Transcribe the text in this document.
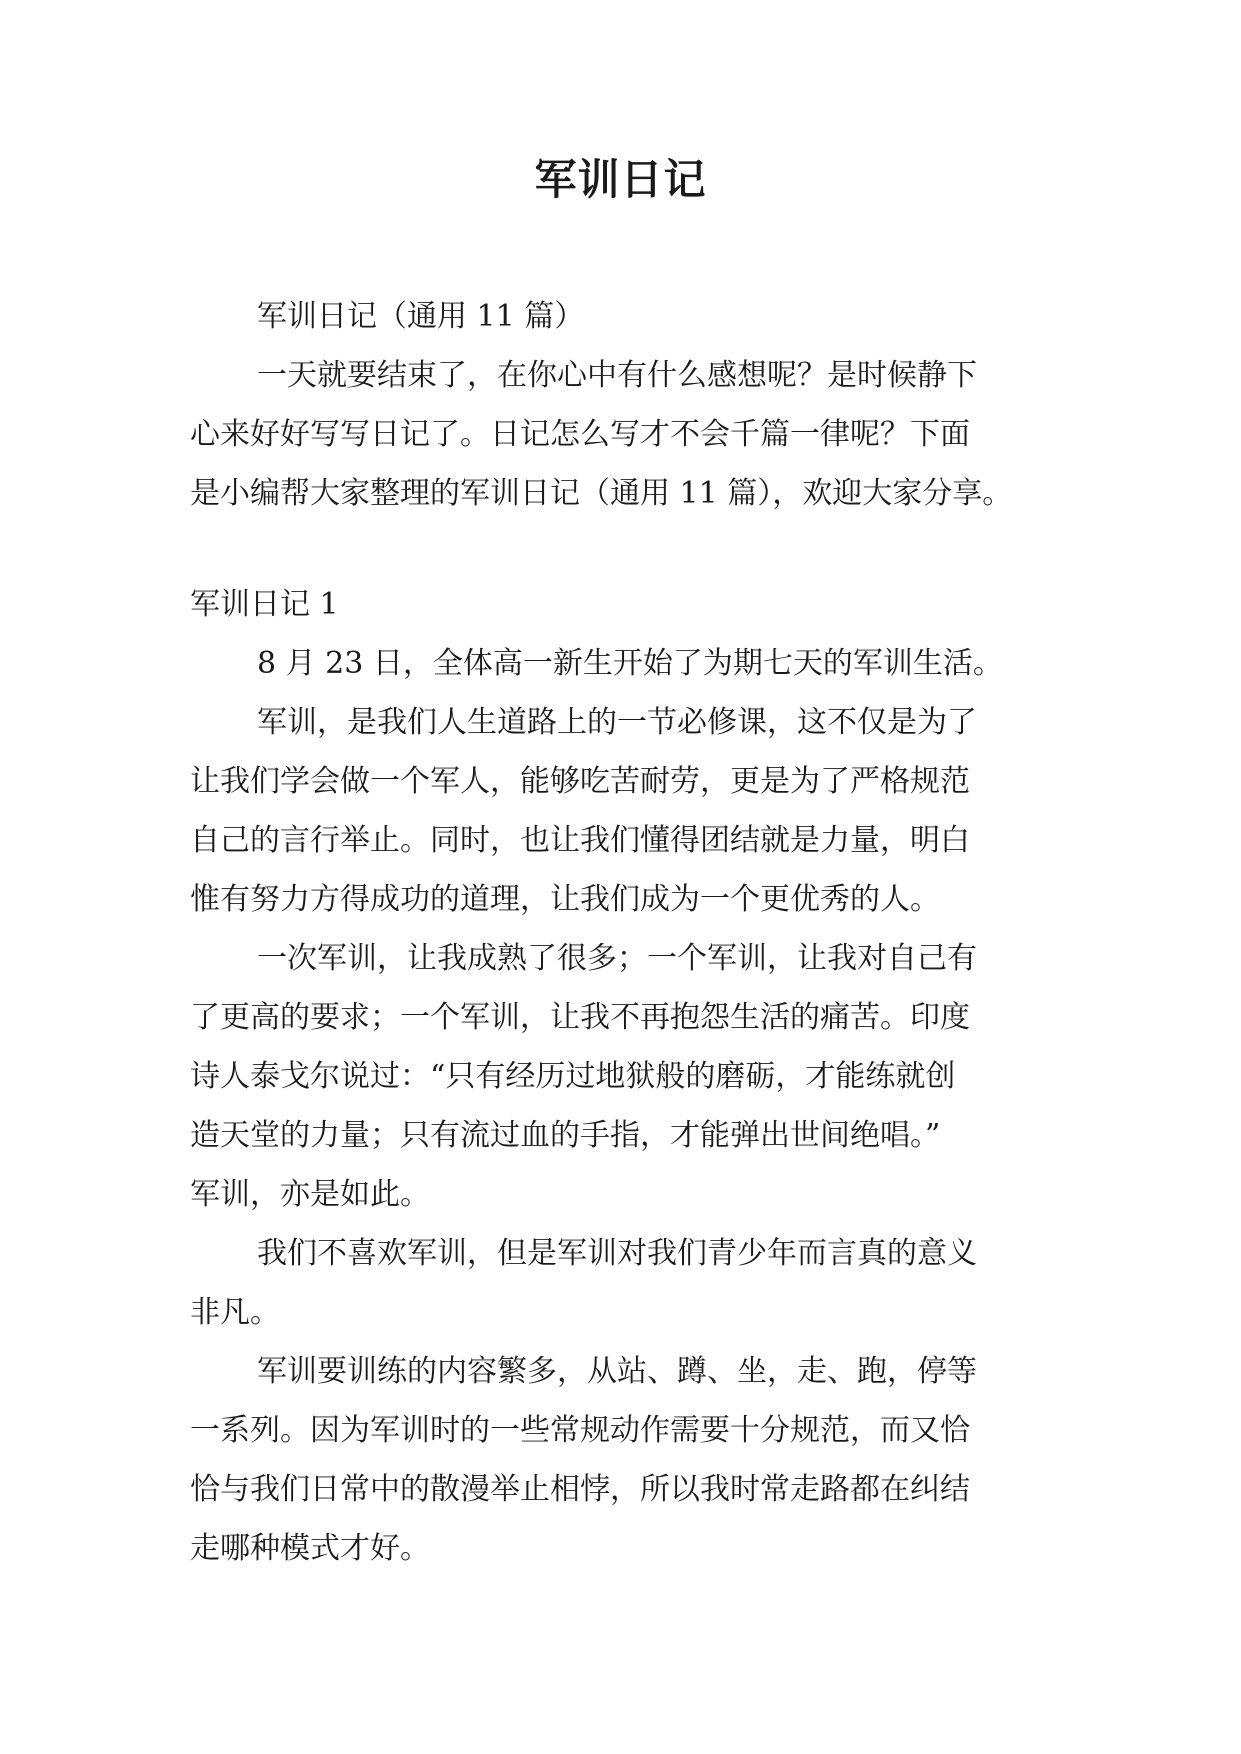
军训日记

军训日记（通用 11 篇）

一天就要结束了，在你心中有什么感想呢？是时候静下

心来好好写写日记了。日记怎么写才不会千篇一律呢？下面

是小编帮大家整理的军训日记（通用 11 篇），欢迎大家分享。

军训日记 1

8 月 23 日，全体高一新生开始了为期七天的军训生活。

军训，是我们人生道路上的一节必修课，这不仅是为了

让我们学会做一个军人，能够吃苦耐劳，更是为了严格规范

自己的言行举止。同时，也让我们懂得团结就是力量，明白

惟有努力方得成功的道理，让我们成为一个更优秀的人。

一次军训，让我成熟了很多；一个军训，让我对自己有

了更高的要求；一个军训，让我不再抱怨生活的痛苦。印度

诗人泰戈尔说过：“只有经历过地狱般的磨砺，才能练就创

造天堂的力量；只有流过血的手指，才能弹出世间绝唱。”

军训，亦是如此。

我们不喜欢军训，但是军训对我们青少年而言真的意义

非凡。

军训要训练的内容繁多，从站、蹲、坐，走、跑，停等

一系列。因为军训时的一些常规动作需要十分规范，而又恰

恰与我们日常中的散漫举止相悖，所以我时常走路都在纠结

走哪种模式才好。
